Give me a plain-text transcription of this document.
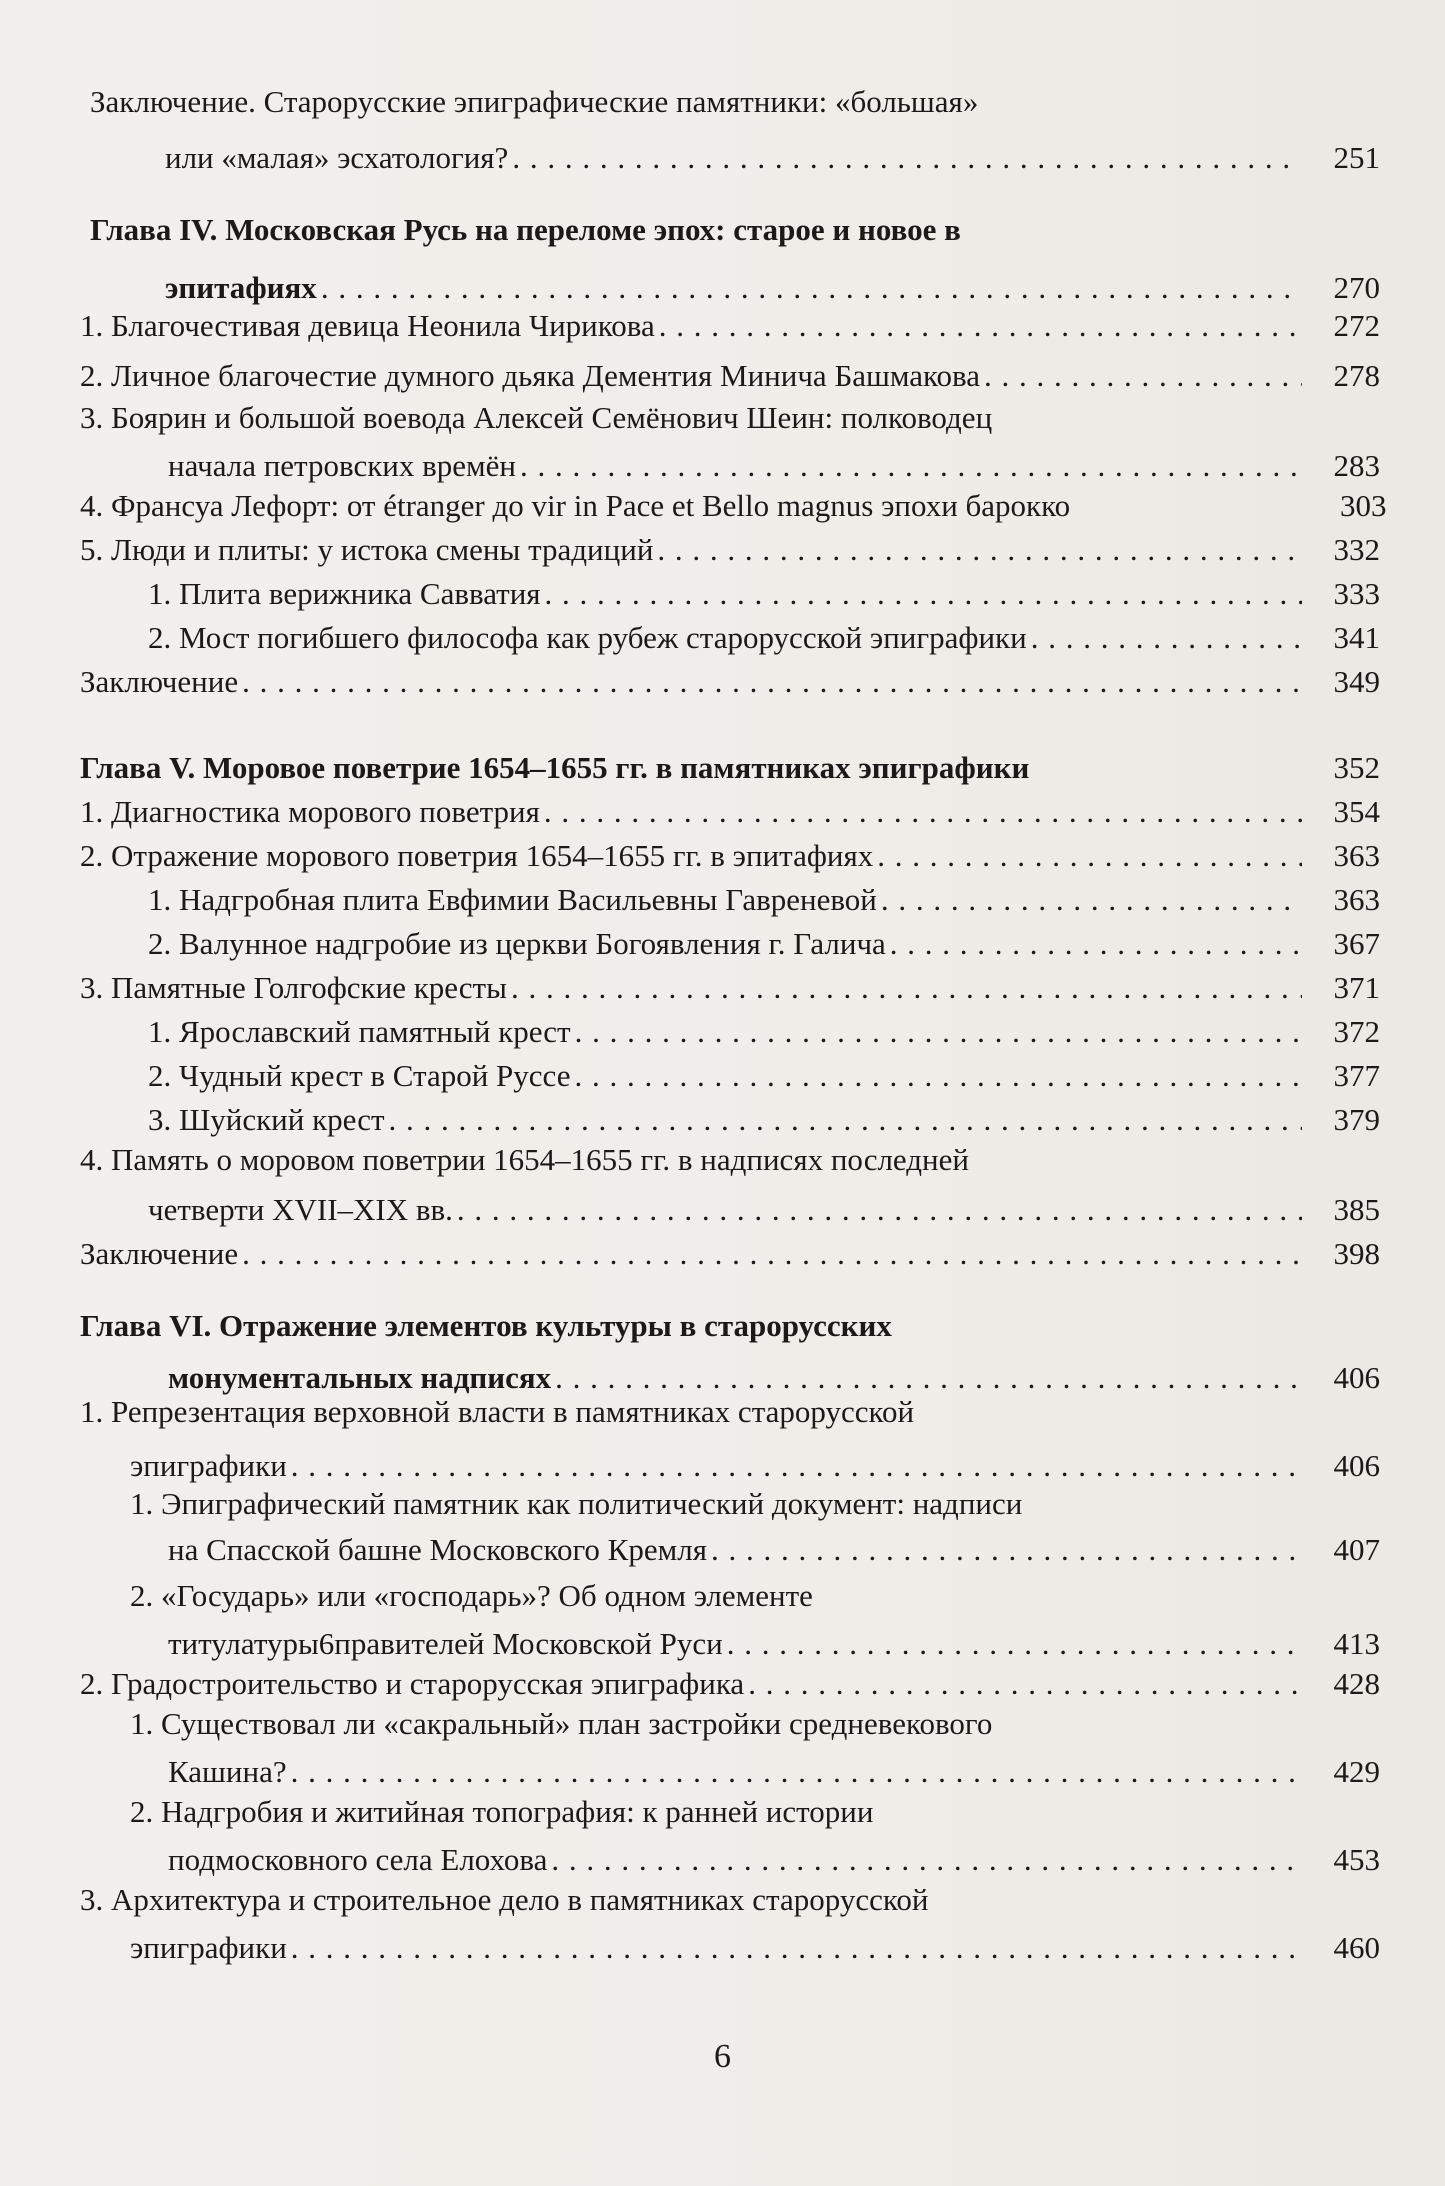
Заключение. Старорусские эпиграфические памятники: «большая»
или «малая» эсхатология? . . .	251
Глава IV. Московская Русь на переломе эпох: старое и новое в
эпитафиях . . .	270
1. Благочестивая девица Неонила Чирикова . . .	272
2. Личное благочестие думного дьяка Дементия Минича Башмакова . . .	278
3. Боярин и большой воевода Алексей Семёнович Шеин: полководец
начала петровских времён . . .	283
4. Франсуа Лефорт: от étranger до vir in Pace et Bello magnus эпохи барокко	303
5. Люди и плиты: у истока смены традиций . . .	332
1. Плита верижника Савватия . . .	333
2. Мост погибшего философа как рубеж старорусской эпиграфики . . .	341
Заключение . . .	349
Глава V. Моровое поветрие 1654–1655 гг. в памятниках эпиграфики	352
1. Диагностика морового поветрия . . .	354
2. Отражение морового поветрия 1654–1655 гг. в эпитафиях . . .	363
1. Надгробная плита Евфимии Васильевны Гавреневой . . .	363
2. Валунное надгробие из церкви Богоявления г. Галича . . .	367
3. Памятные Голгофские кресты . . .	371
1. Ярославский памятный крест . . .	372
2. Чудный крест в Старой Руссе . . .	377
3. Шуйский крест . . .	379
4. Память о моровом поветрии 1654–1655 гг. в надписях последней
четверти XVII–XIX вв. . . .	385
Заключение . . .	398
Глава VI. Отражение элементов культуры в старорусских
монументальных надписях . . .	406
1. Репрезентация верховной власти в памятниках старорусской
эпиграфики . . .	406
1. Эпиграфический памятник как политический документ: надписи
на Спасской башне Московского Кремля . . .	407
2. «Государь» или «господарь»? Об одном элементе
титулатуры6правителей Московской Руси . . .	413
2. Градостроительство и старорусская эпиграфика . . .	428
1. Существовал ли «сакральный» план застройки средневекового
Кашина? . . .	429
2. Надгробия и житийная топография: к ранней истории
подмосковного села Елохова . . .	453
3. Архитектура и строительное дело в памятниках старорусской
эпиграфики . . .	460
6
